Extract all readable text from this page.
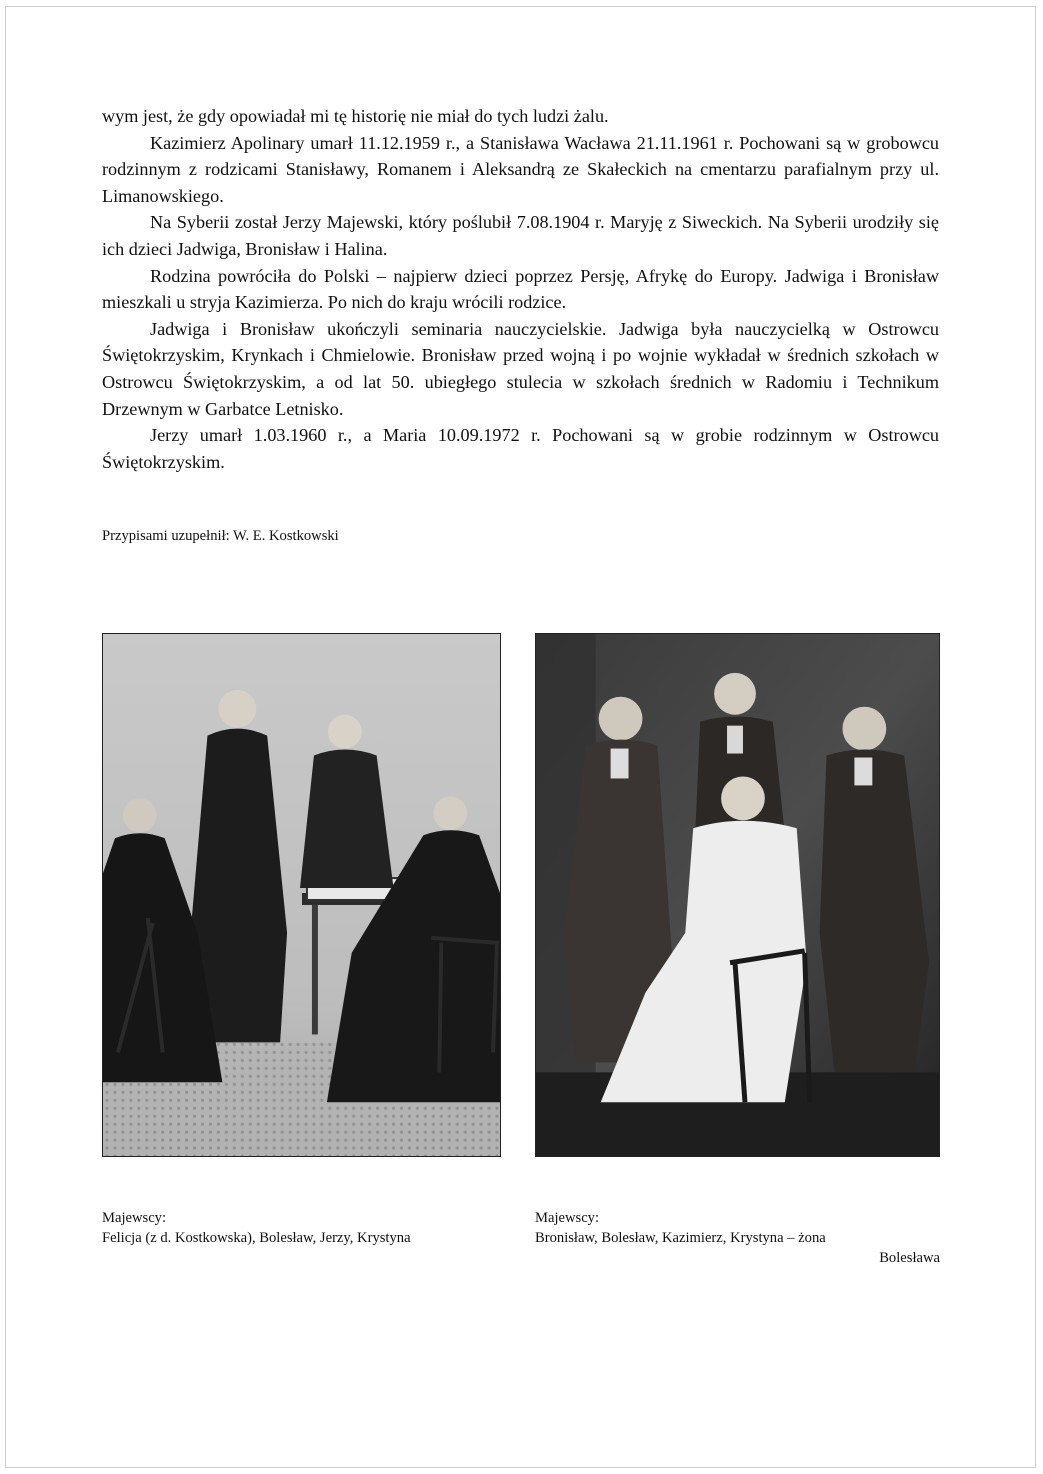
wym jest, że gdy opowiadał mi tę historię nie miał do tych ludzi żalu.

Kazimierz Apolinary umarł 11.12.1959 r., a Stanisława Wacława 21.11.1961 r. Pochowani są w grobowcu rodzinnym z rodzicami Stanisławy, Romanem i Aleksandrą ze Skałeckich na cmentarzu parafialnym przy ul. Limanowskiego.

Na Syberii został Jerzy Majewski, który poślubił 7.08.1904 r. Maryję z Siweckich. Na Syberii urodziły się ich dzieci Jadwiga, Bronisław i Halina.

Rodzina powróciła do Polski – najpierw dzieci poprzez Persję, Afrykę do Europy. Jadwiga i Bronisław mieszkali u stryja Kazimierza. Po nich do kraju wrócili rodzice.

Jadwiga i Bronisław ukończyli seminaria nauczycielskie. Jadwiga była nauczycielką w Ostrowcu Świętokrzyskim, Krynkach i Chmielowie. Bronisław przed wojną i po wojnie wykładał w średnich szkołach w Ostrowcu Świętokrzyskim, a od lat 50. ubiegłego stulecia w szkołach średnich w Radomiu i Technikum Drzewnym w Garbatce Letnisko.

Jerzy umarł 1.03.1960 r., a Maria 10.09.1972 r. Pochowani są w grobie rodzinnym w Ostrowcu Świętokrzyskim.

Przypisami uzupełnił: W. E. Kostkowski
Majewscy:
Felicja (z d. Kostkowska), Bolesław, Jerzy, Krystyna
Majewscy:
Bronisław, Bolesław, Kazimierz, Krystyna – żona
Bolesława
